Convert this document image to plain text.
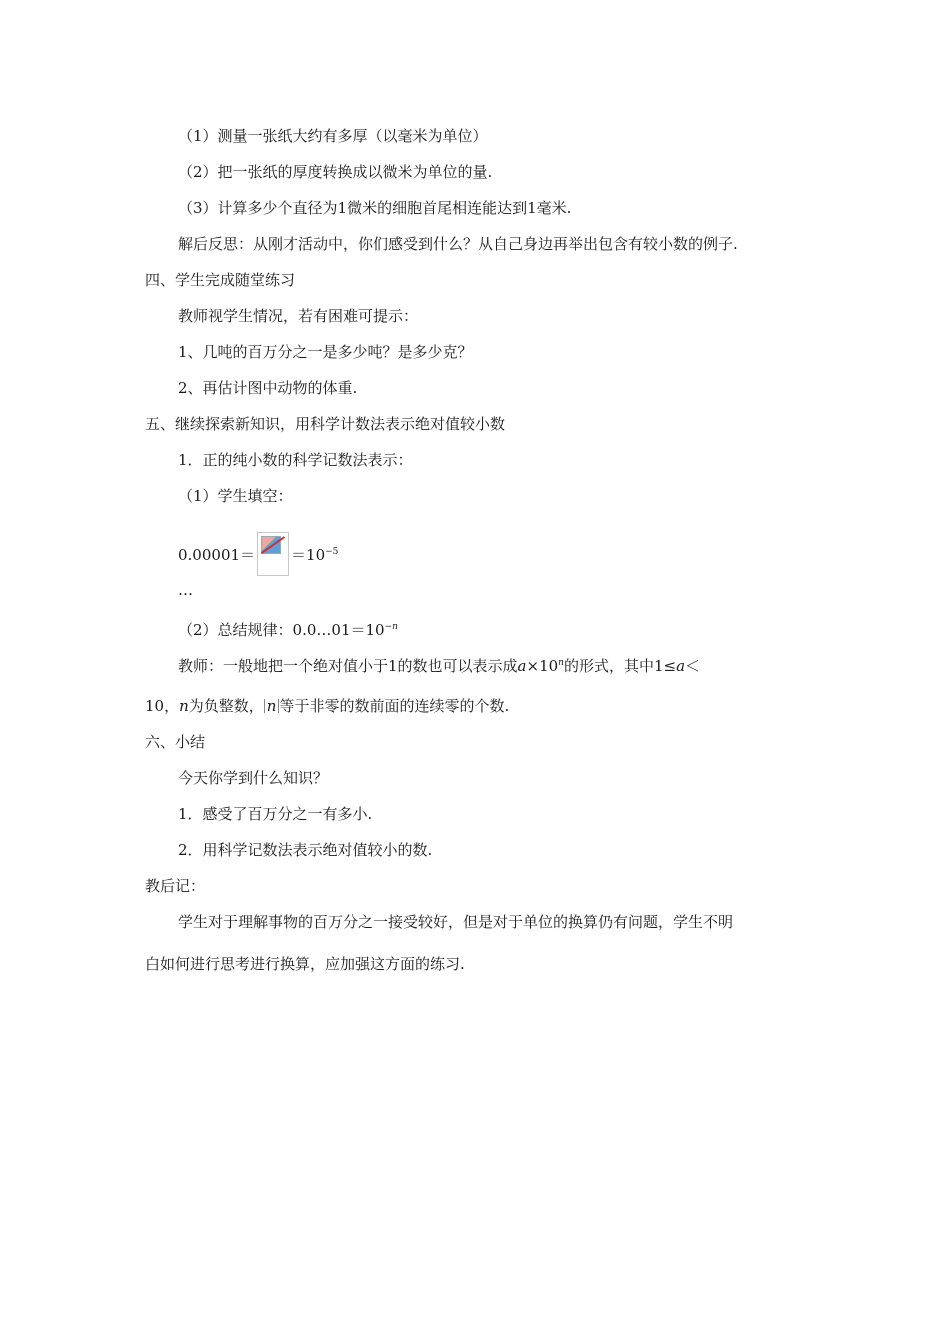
（1）测量一张纸大约有多厚（以毫米为单位）
（2）把一张纸的厚度转换成以微米为单位的量.
（3）计算多少个直径为1微米的细胞首尾相连能达到1毫米.
解后反思：从刚才活动中，你们感受到什么？从自己身边再举出包含有较小数的例子.
四、学生完成随堂练习
教师视学生情况，若有困难可提示：
1、几吨的百万分之一是多少吨？是多少克？
2、再估计图中动物的体重.
五、继续探索新知识，用科学计数法表示绝对值较小数
1．正的纯小数的科学记数法表示：
（1）学生填空：
$0.00001= =10^{-5}$
…
（2）总结规律：$0.0\dots 01=10^{-n}$
教师：一般地把一个绝对值小于1的数也可以表示成$a\times 10^n$的形式，其中1≤a＜
10，n为负整数， n 等于非零的数前面的连续零的个数.
六、小结
今天你学到什么知识？
1．感受了百万分之一有多小.
2．用科学记数法表示绝对值较小的数.
教后记：
学生对于理解事物的百万分之一接受较好，但是对于单位的换算仍有问题，学生不明
白如何进行思考进行换算，应加强这方面的练习.
